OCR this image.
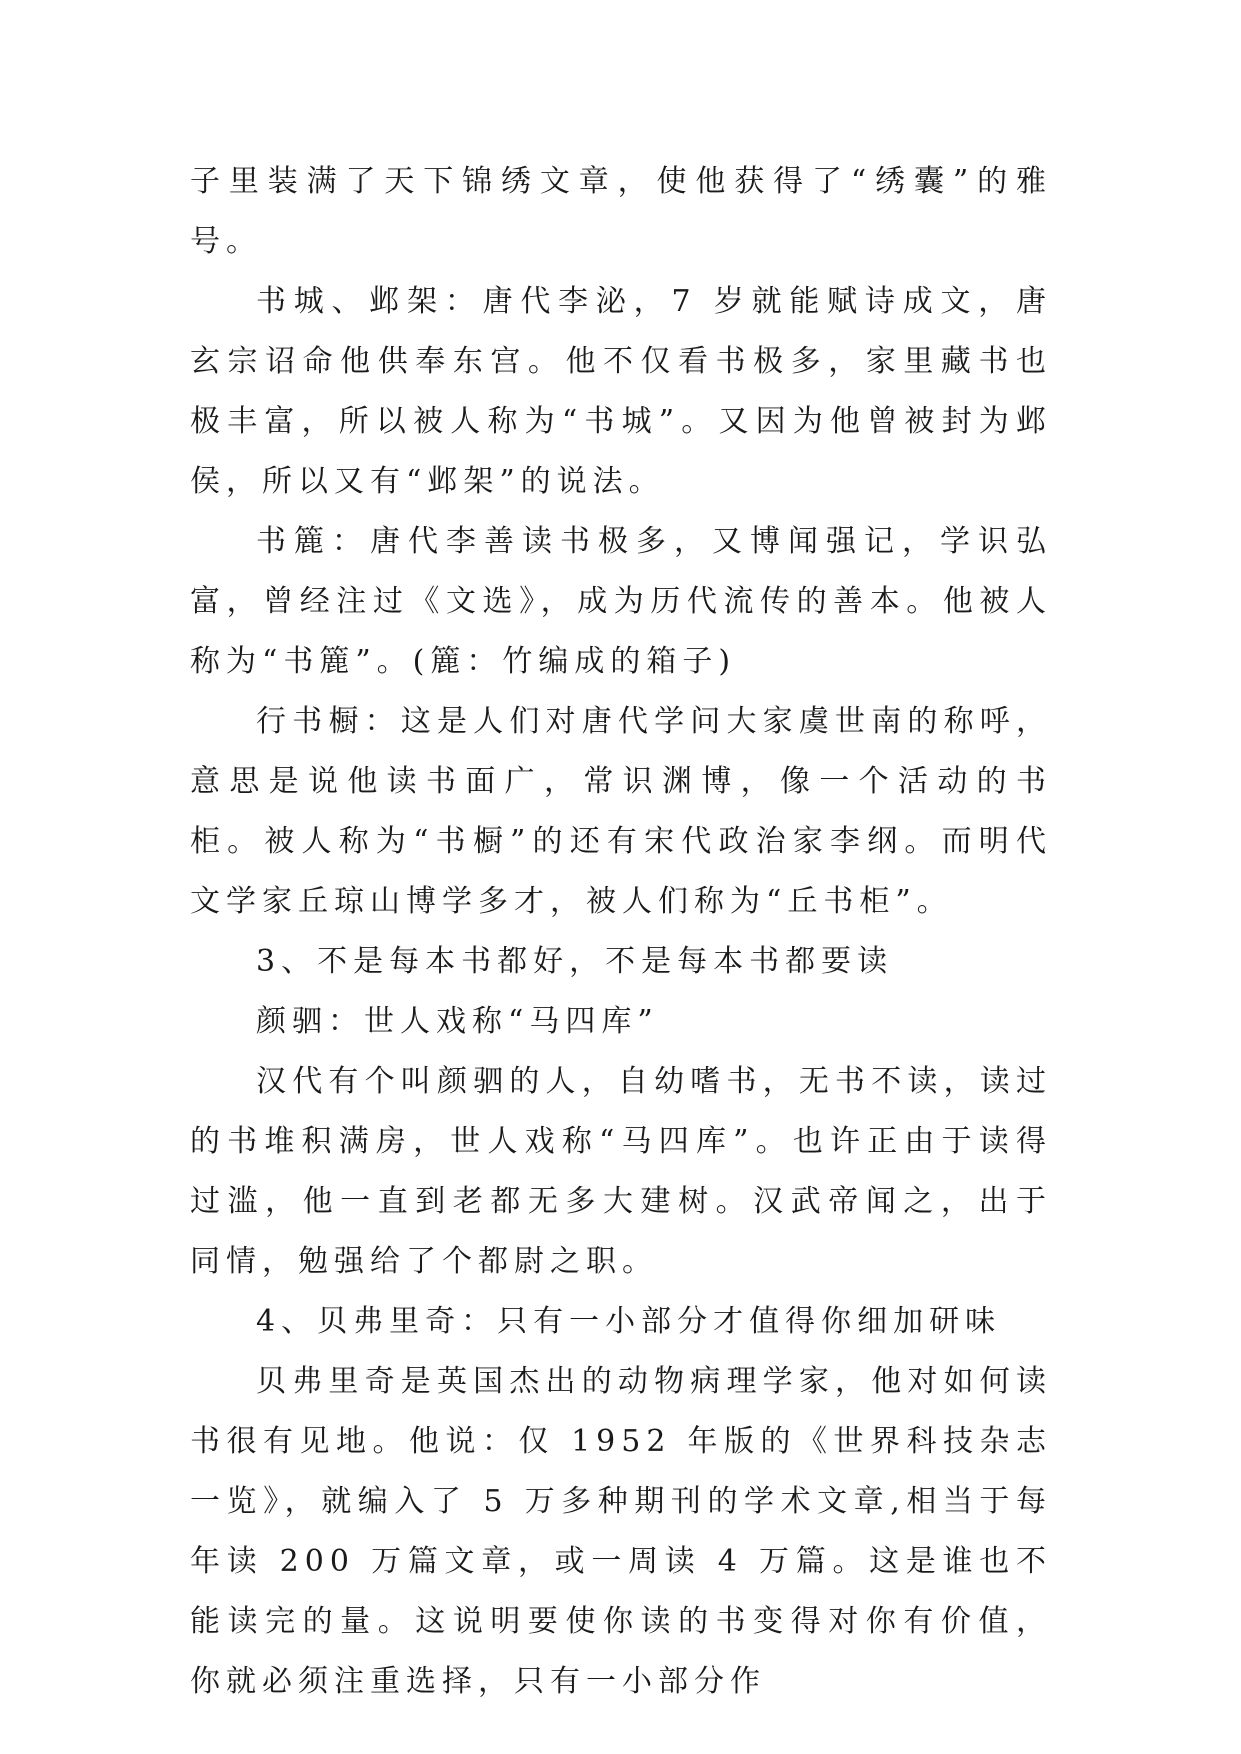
子里装满了天下锦绣文章，使他获得了“绣囊”的雅号。

书城、邺架：唐代李泌，7 岁就能赋诗成文，唐玄宗诏命他供奉东宫。他不仅看书极多，家里藏书也极丰富，所以被人称为“书城”。又因为他曾被封为邺侯，所以又有“邺架”的说法。

书簏：唐代李善读书极多，又博闻强记，学识弘富，曾经注过《文选》，成为历代流传的善本。他被人称为“书簏”。(簏：竹编成的箱子)

行书橱：这是人们对唐代学问大家虞世南的称呼，意思是说他读书面广，常识渊博，像一个活动的书柜。被人称为“书橱”的还有宋代政治家李纲。而明代文学家丘琼山博学多才，被人们称为“丘书柜”。

3、不是每本书都好，不是每本书都要读

颜驷：世人戏称“马四库”

汉代有个叫颜驷的人，自幼嗜书，无书不读，读过的书堆积满房，世人戏称“马四库”。也许正由于读得过滥，他一直到老都无多大建树。汉武帝闻之，出于同情，勉强给了个都尉之职。

4、贝弗里奇：只有一小部分才值得你细加研味

贝弗里奇是英国杰出的动物病理学家，他对如何读书很有见地。他说：仅 1952 年版的《世界科技杂志一览》，就编入了 5 万多种期刊的学术文章,相当于每年读 200 万篇文章，或一周读 4 万篇。这是谁也不能读完的量。这说明要使你读的书变得对你有价值，你就必须注重选择，只有一小部分作
